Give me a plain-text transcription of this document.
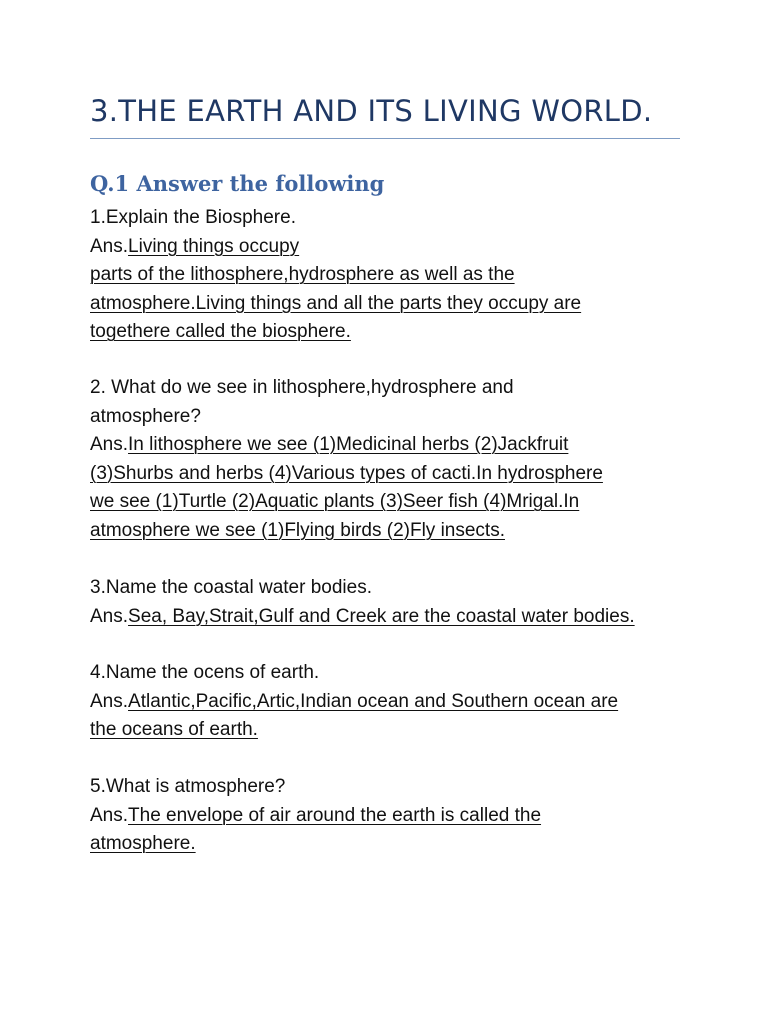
3.THE EARTH AND ITS LIVING WORLD.
Q.1 Answer the following

1.Explain the Biosphere.

Ans.Living things occupy

parts of the lithosphere,hydrosphere as well as the

atmosphere.Living things and all the parts they occupy are

togethere called the biosphere.

2. What do we see in lithosphere,hydrosphere and

atmosphere?

Ans.In lithosphere we see (1)Medicinal herbs (2)Jackfruit

(3)Shurbs and herbs (4)Various types of cacti.In hydrosphere

we see (1)Turtle (2)Aquatic plants (3)Seer fish (4)Mrigal.In

atmosphere we see (1)Flying birds (2)Fly insects.

3.Name the coastal water bodies.

Ans.Sea, Bay,Strait,Gulf and Creek are the coastal water bodies.

4.Name the ocens of earth.

Ans.Atlantic,Pacific,Artic,Indian ocean and Southern ocean are

the oceans of earth.

5.What is atmosphere?

Ans.The envelope of air around the earth is called the

atmosphere.
